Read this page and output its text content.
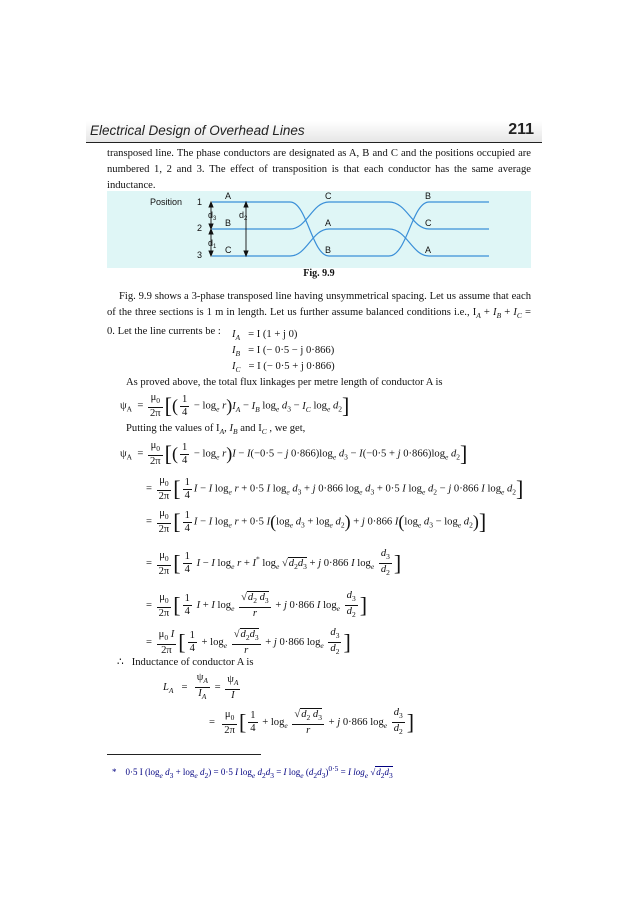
Electrical Design of Overhead Lines	211
transposed line. The phase conductors are designated as A, B and C and the positions occupied are numbered 1, 2 and 3. The effect of transposition is that each conductor has the same average inductance.
Position 1
2
3
$d_3$	$d_2$
$d_1$
A
B
C
C
A
B
B
C
A
Fig. 9.9
Fig. 9.9 shows a 3-phase transposed line having unsymmetrical spacing. Let us assume that each of the three sections is 1 m in length. Let us further assume balanced conditions i.e., $I_A + I_B + I_C = 0$. Let the line currents be :	$I_A = I$ (1 + j 0)
$I_B = I$ (− 0·5 − j 0·866)
$I_C = I$ (− 0·5 + j 0·866)
As proved above, the total flux linkages per metre length of conductor A is
$\psi_A = \frac{\mu_0}{2\pi}$ [( $\frac{1}{4} - \log_e r)I_A - I_B$ $\log_e d_3 - I_C$ $\log_e d_2$]
Putting the values of $I_A$, $I_B$ and $I_C$ , we get,
$\psi_A = \frac{\mu_0}{2\pi}$ [( $\frac{1}{4} - \log_e r)I - I(-0\cdot 5 - j$ $0\cdot 866)\log_e$ $d_3 - I(-0\cdot 5 + j$ $0\cdot 866)\log_e$ $d_2$]
= $\frac{\mu_0}{2\pi}$ [ $\frac{1}{4}$ I − I $\log_e r + 0\cdot 5$ I $\log_e d_3 + j$ 0·866 $\log_e d_3 + 0\cdot 5$ I $\log_e d_2 - j$ 0·866 I $\log_e d_2$]
= $\frac{\mu_0}{2\pi}$ [ $\frac{1}{4}$ I − I $\log_e r + 0\cdot 5$ $I(\log_e$ $d_3 + \log_e d_2) + j$ 0·866 $I(\log_e$ $d_3 - \log_e d_2$)]
= $\frac{\mu_0}{2\pi}$ [ $\frac{1}{4}$ I − I $\log_e r + I^*$ $\log_e √d_2d_3 + j$ 0·866 I $\log_e \frac{d_3}{d_2}$ ]
= $\frac{\mu_0}{2\pi}$ [ $\frac{1}{4}$ I + I $\log_e \frac{√d_2 d_3}{r} + j$ 0·866 I $\log_e \frac{d_3}{d_2}$ ]
= $\frac{\mu_0 I}{2\pi}$ [ $\frac{1}{4} + \log_e \frac{√d_2d_3}{r} + j$ 0·866 $\log_e \frac{d_3}{d_2}$ ]
∴ Inductance of conductor A is
$L_A = \frac{\psi_A}{I_A} = \frac{\psi_A}{I}$
= $\frac{\mu_0}{2\pi}$ [ $\frac{1}{4} + \log_e \frac{√d_2 d_3}{r} + j$ 0·866 $\log_e \frac{d_3}{d_2}$ ]
* 0·5 I ($\log_e$ $d_3 + \log_e d_2) = 0\cdot 5$ I $\log_e d_2d_3 = I$ $\log_e (d_2d_3)^{0\cdot 5} = I$ $\log_e √d_2d_3$
